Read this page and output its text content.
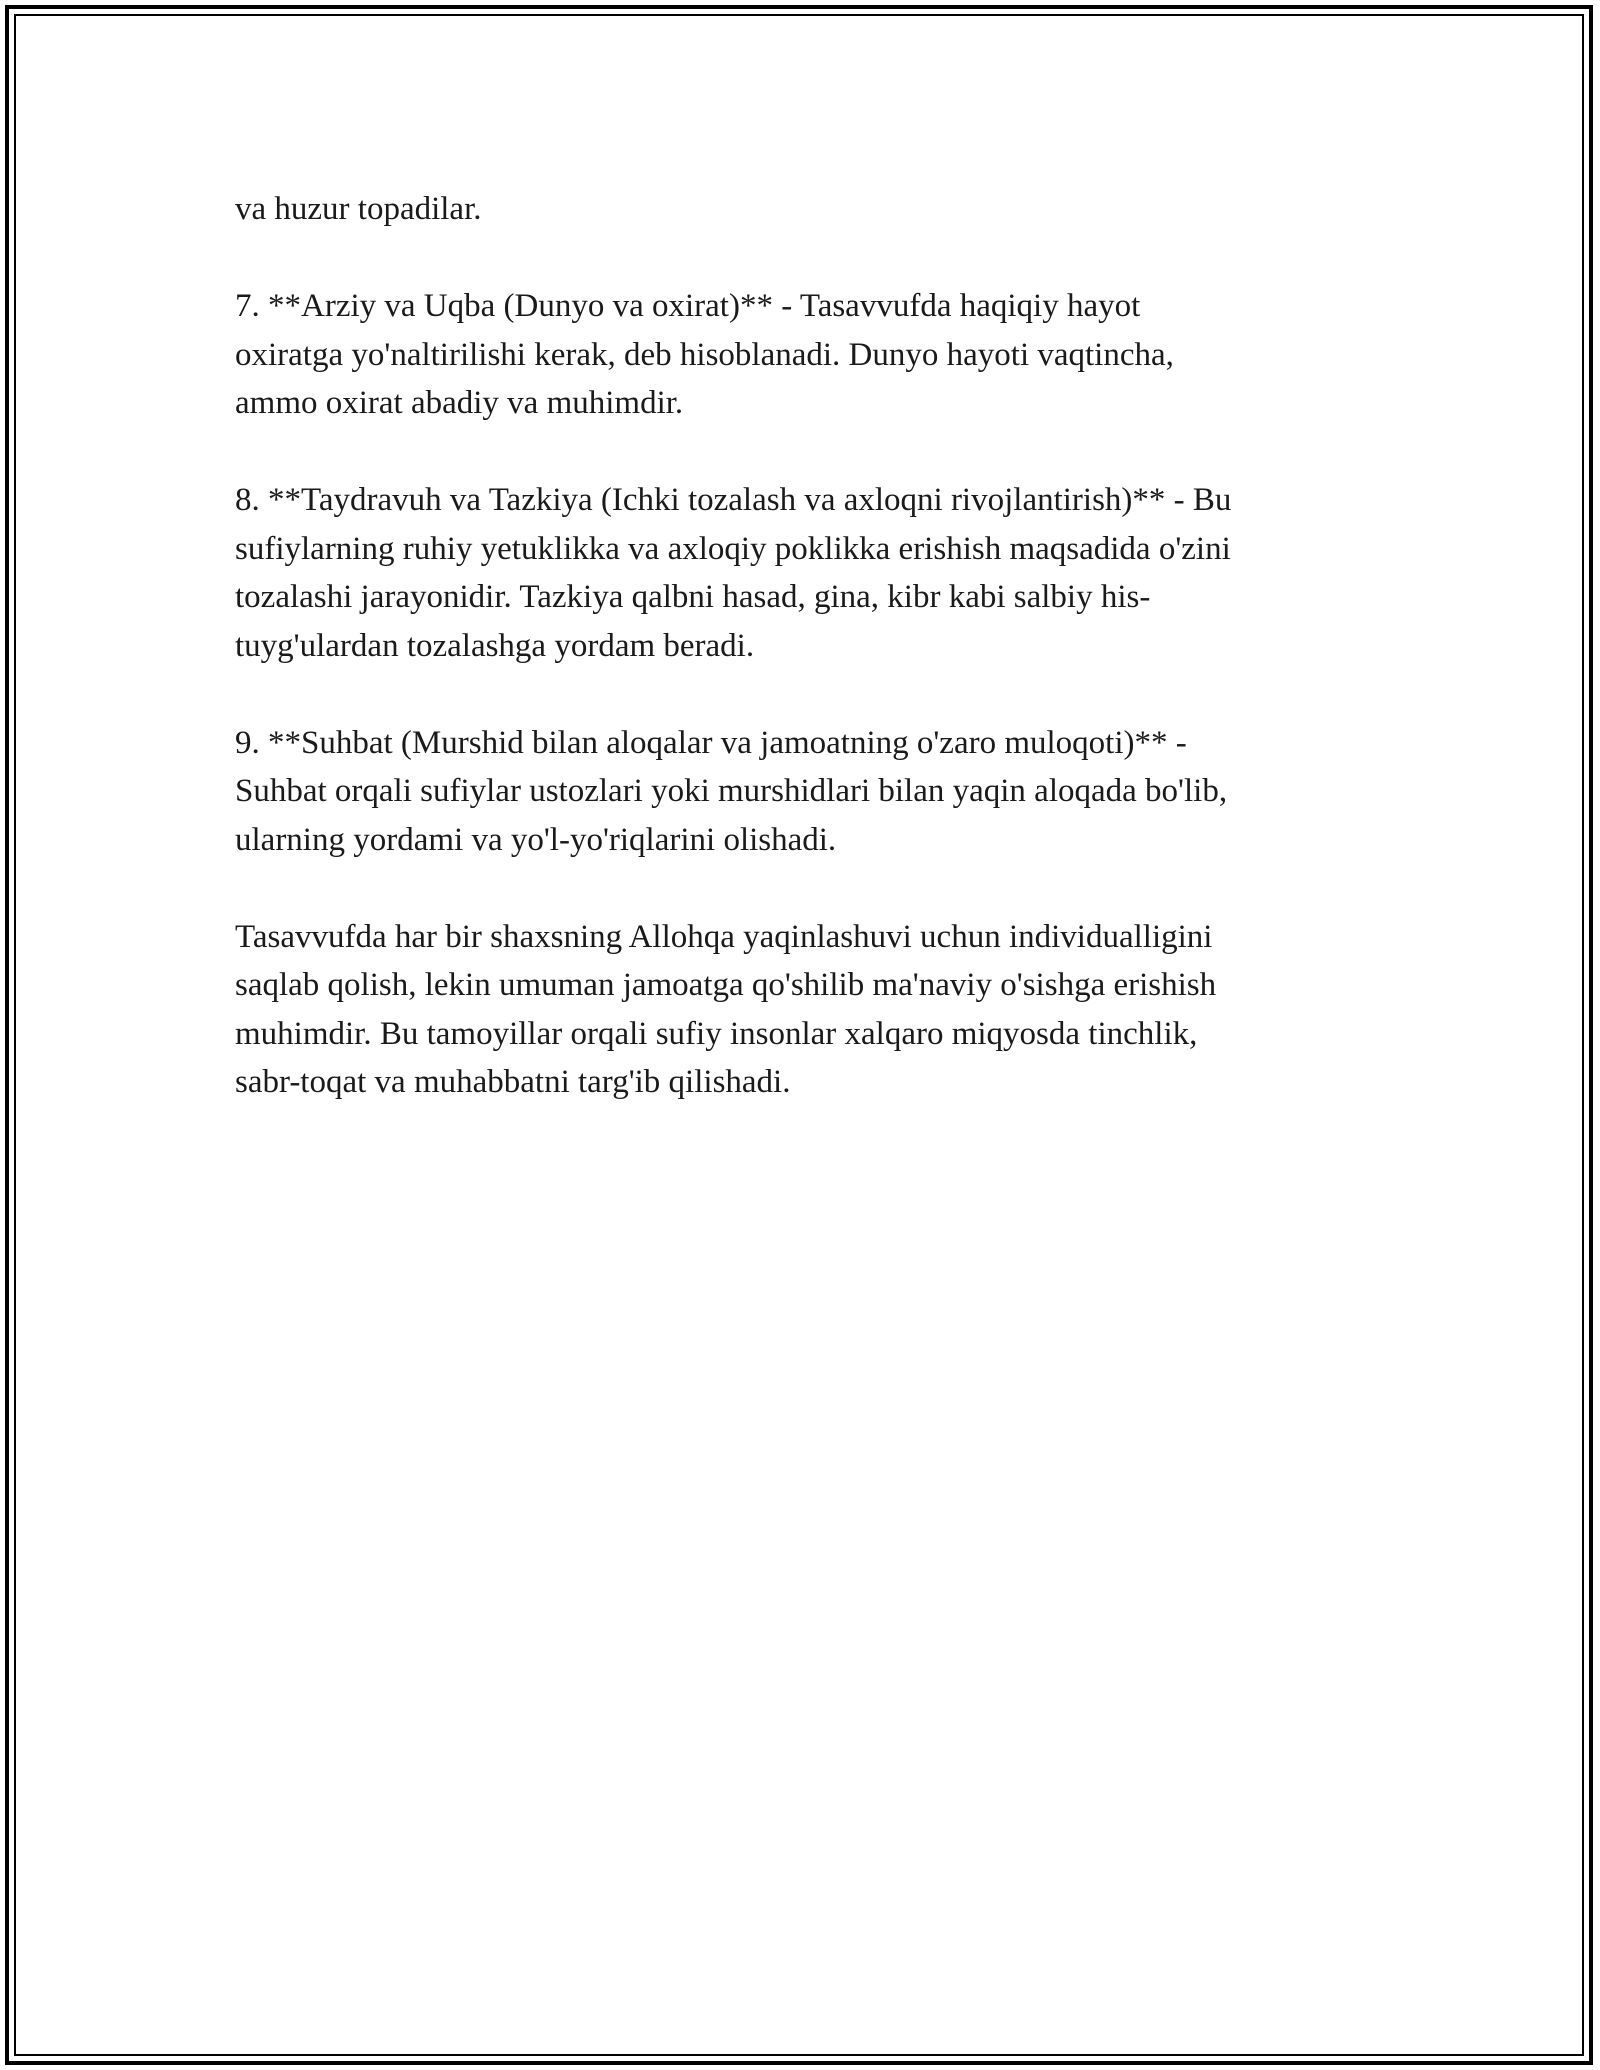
va huzur topadilar.

7. **Arziy va Uqba (Dunyo va oxirat)** - Tasavvufda haqiqiy hayot
oxiratga yo'naltirilishi kerak, deb hisoblanadi. Dunyo hayoti vaqtincha,
ammo oxirat abadiy va muhimdir.

8. **Taydravuh va Tazkiya (Ichki tozalash va axloqni rivojlantirish)** - Bu
sufiylarning ruhiy yetuklikka va axloqiy poklikka erishish maqsadida o'zini
tozalashi jarayonidir. Tazkiya qalbni hasad, gina, kibr kabi salbiy his-
tuyg'ulardan tozalashga yordam beradi.

9. **Suhbat (Murshid bilan aloqalar va jamoatning o'zaro muloqoti)** -
Suhbat orqali sufiylar ustozlari yoki murshidlari bilan yaqin aloqada bo'lib,
ularning yordami va yo'l-yo'riqlarini olishadi.

Tasavvufda har bir shaxsning Allohqa yaqinlashuvi uchun individualligini
saqlab qolish, lekin umuman jamoatga qo'shilib ma'naviy o'sishga erishish
muhimdir. Bu tamoyillar orqali sufiy insonlar xalqaro miqyosda tinchlik,
sabr-toqat va muhabbatni targ'ib qilishadi.
